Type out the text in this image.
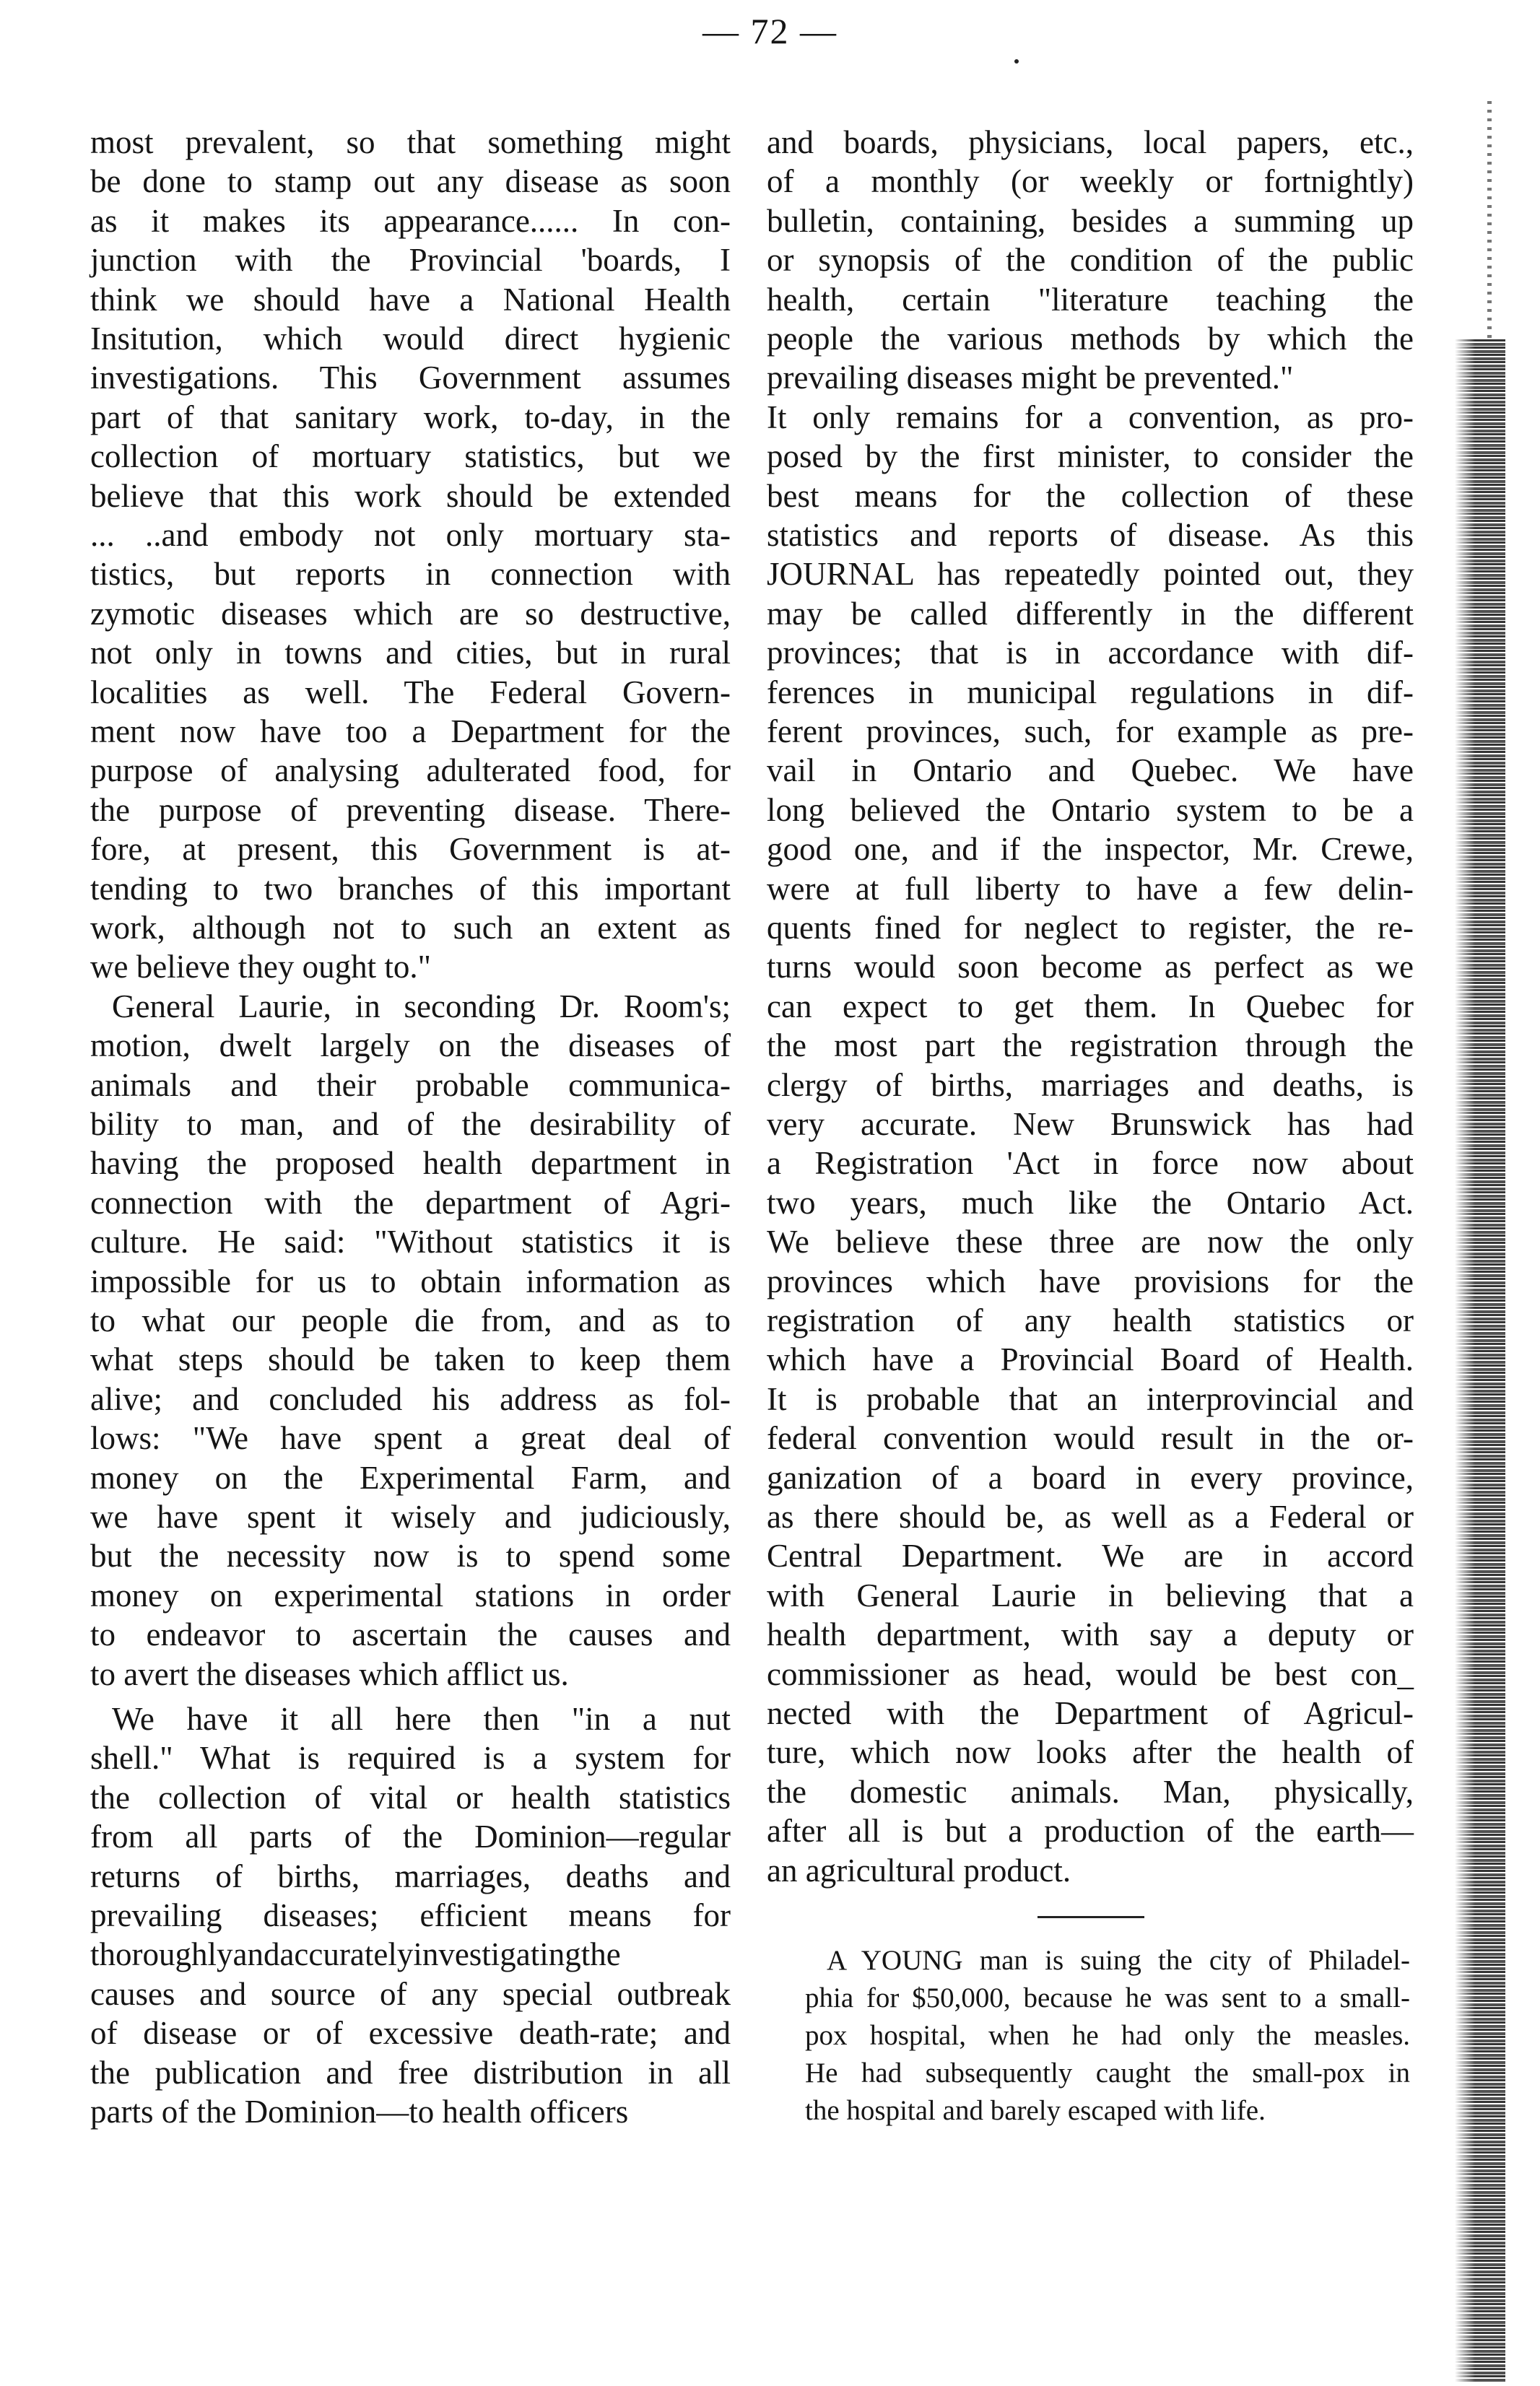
— 72 —
most prevalent, so that something might
be done to stamp out any disease as soon
as it makes its appearance...... In con-
junction with the Provincial 'boards, I
think we should have a National Health
Insitution, which would direct hygienic
investigations. This Government assumes
part of that sanitary work, to-day, in the
collection of mortuary statistics, but we
believe that this work should be extended
... ..and embody not only mortuary sta-
tistics, but reports in connection with
zymotic diseases which are so destructive,
not only in towns and cities, but in rural
localities as well. The Federal Govern-
ment now have too a Department for the
purpose of analysing adulterated food, for
the purpose of preventing disease. There-
fore, at present, this Government is at-
tending to two branches of this important
work, although not to such an extent as
we believe they ought to."
General Laurie, in seconding Dr. Room's;
motion, dwelt largely on the diseases of
animals and their probable communica-
bility to man, and of the desirability of
having the proposed health department in
connection with the department of Agri-
culture. He said: "Without statistics it is
impossible for us to obtain information as
to what our people die from, and as to
what steps should be taken to keep them
alive; and concluded his address as fol-
lows: "We have spent a great deal of
money on the Experimental Farm, and
we have spent it wisely and judiciously,
but the necessity now is to spend some
money on experimental stations in order
to endeavor to ascertain the causes and
to avert the diseases which afflict us.
We have it all here then "in a nut
shell." What is required is a system for
the collection of vital or health statistics
from all parts of the Dominion—regular
returns of births, marriages, deaths and
prevailing diseases; efficient means for
thoroughlyandaccuratelyinvestigatingthe
causes and source of any special outbreak
of disease or of excessive death-rate; and
the publication and free distribution in all
parts of the Dominion—to health officers
and boards, physicians, local papers, etc.,
of a monthly (or weekly or fortnightly)
bulletin, containing, besides a summing up
or synopsis of the condition of the public
health, certain "literature teaching the
people the various methods by which the
prevailing diseases might be prevented."
It only remains for a convention, as pro-
posed by the first minister, to consider the
best means for the collection of these
statistics and reports of disease. As this
JOURNAL has repeatedly pointed out, they
may be called differently in the different
provinces; that is in accordance with dif-
ferences in municipal regulations in dif-
ferent provinces, such, for example as pre-
vail in Ontario and Quebec. We have
long believed the Ontario system to be a
good one, and if the inspector, Mr. Crewe,
were at full liberty to have a few delin-
quents fined for neglect to register, the re-
turns would soon become as perfect as we
can expect to get them. In Quebec for
the most part the registration through the
clergy of births, marriages and deaths, is
very accurate. New Brunswick has had
a Registration 'Act in force now about
two years, much like the Ontario Act.
We believe these three are now the only
provinces which have provisions for the
registration of any health statistics or
which have a Provincial Board of Health.
It is probable that an interprovincial and
federal convention would result in the or-
ganization of a board in every province,
as there should be, as well as a Federal or
Central Department. We are in accord
with General Laurie in believing that a
health department, with say a deputy or
commissioner as head, would be best con_
nected with the Department of Agricul-
ture, which now looks after the health of
the domestic animals. Man, physically,
after all is but a production of the earth—
an agricultural product.
A YOUNG man is suing the city of Philadel-
phia for $50,000, because he was sent to a small-
pox hospital, when he had only the measles.
He had subsequently caught the small-pox in
the hospital and barely escaped with life.
